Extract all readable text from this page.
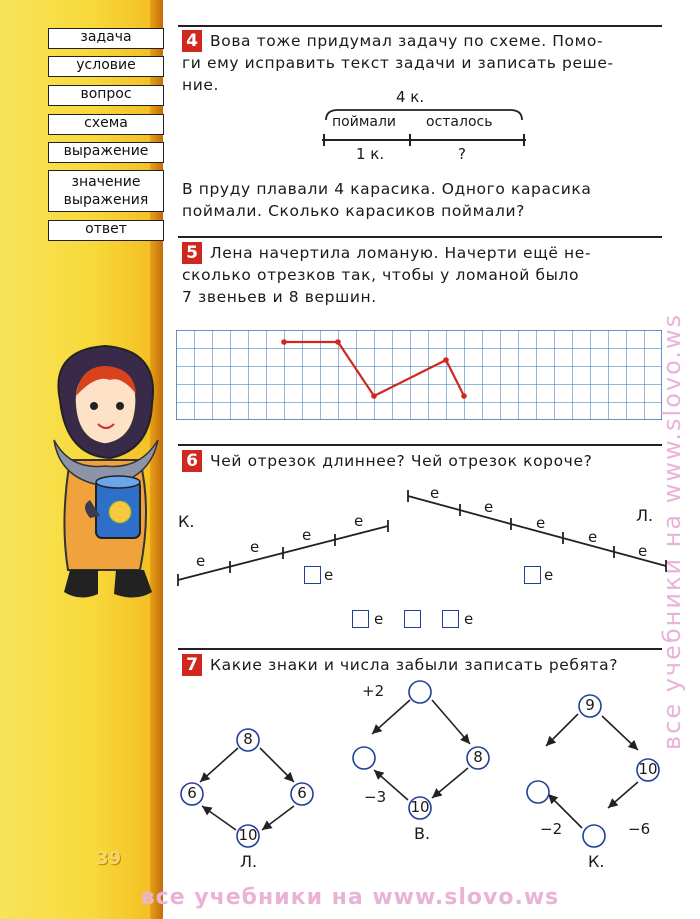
задача
условие
вопрос
схема
выражение
значение выражения
ответ
39
4 Вова тоже придумал задачу по схеме. Помо-
ги ему исправить текст задачи и записать реше-
ние.
4 к.
поймали осталось
1 к.	?
В пруду плавали 4 карасика. Одного карасика
поймали. Сколько карасиков поймали?
5 Лена начертила ломаную. Начерти ещё не-
сколько отрезков так, чтобы у ломаной было
7 звеньев и 8 вершин.
6 Чей отрезок длиннее? Чей отрезок короче?
К.	Л.
е
е
е
е
е
е
е
е
е
е	е
е	е
7 Какие знаки и числа забыли записать ребята?
8
6	6
10
Л.
+2
8
10
−3
В.
9
10
−2	−6
К.
все учебники на www.slovo.ws
все учебники на www.slovo.ws
